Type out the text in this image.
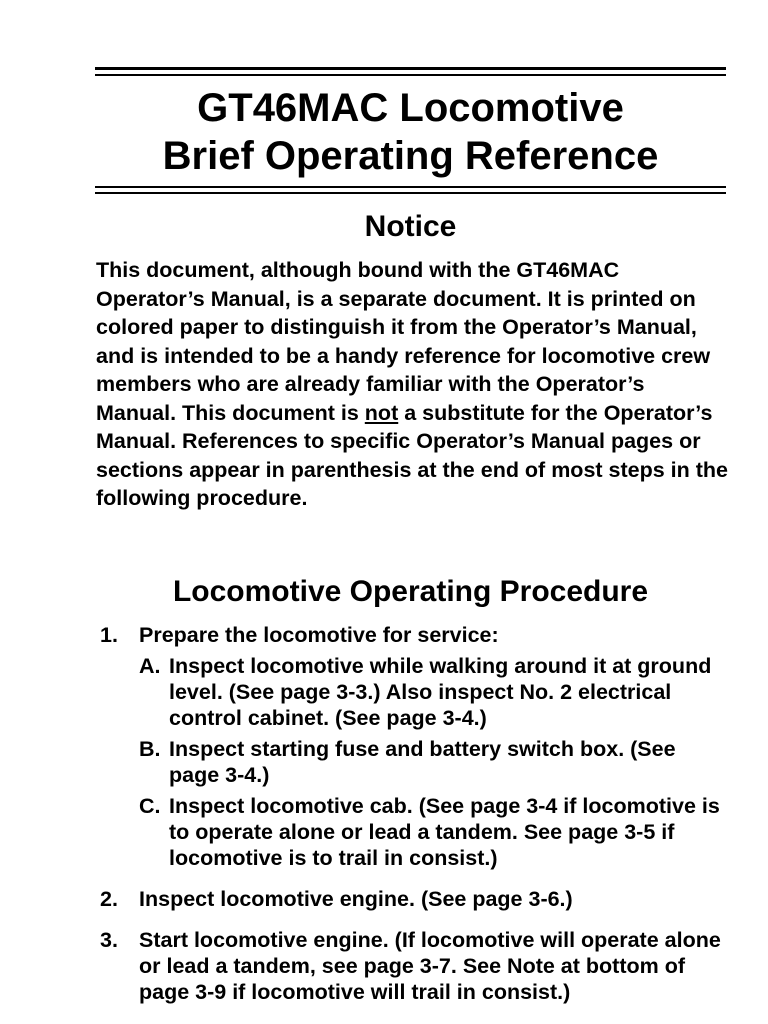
GT46MAC Locomotive
Brief Operating Reference
Notice

This document, although bound with the GT46MAC Operator’s Manual, is a separate document. It is printed on colored paper to distinguish it from the Operator’s Manual, and is intended to be a handy reference for locomotive crew members who are already familiar with the Operator’s Manual. This document is not a substitute for the Operator’s Manual. References to specific Operator’s Manual pages or sections appear in parenthesis at the end of most steps in the following procedure.

Locomotive Operating Procedure
1. Prepare the locomotive for service:
A. Inspect locomotive while walking around it at ground level. (See page 3-3.) Also inspect No. 2 electrical control cabinet. (See page 3-4.)
B. Inspect starting fuse and battery switch box. (See page 3-4.)
C. Inspect locomotive cab. (See page 3-4 if locomotive is to operate alone or lead a tandem. See page 3-5 if locomotive is to trail in consist.)
2. Inspect locomotive engine. (See page 3-6.)
3. Start locomotive engine. (If locomotive will operate alone or lead a tandem, see page 3-7. See Note at bottom of page 3-9 if locomotive will trail in consist.)
